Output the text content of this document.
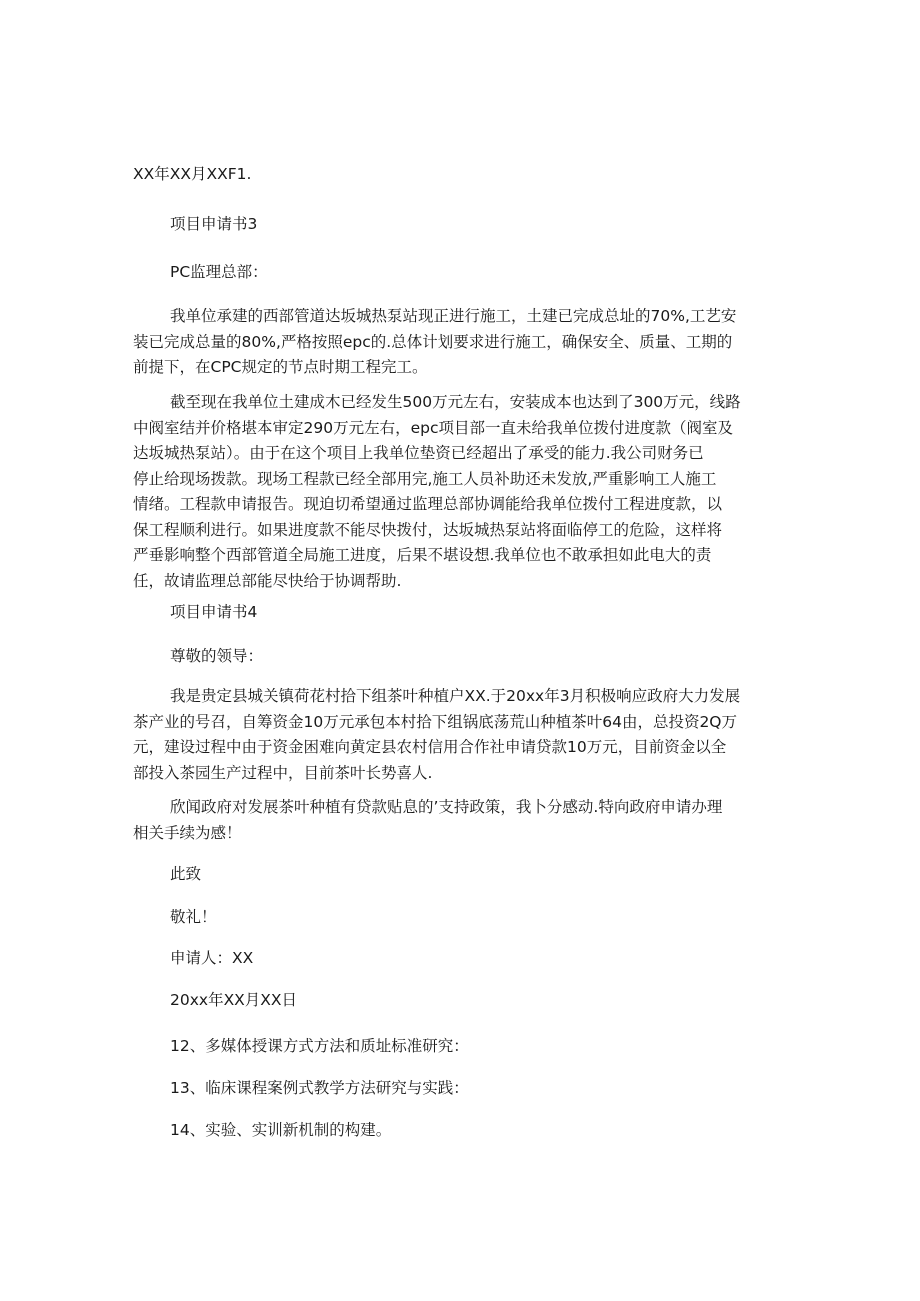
XX年XX月XXF1.
项目申请书3
PC监理总部：
我单位承建的西部管道达坂城热泵站现正进行施工，土建已完成总址的70%,工艺安
装已完成总量的80%,严格按照epc的.总体计划要求进行施工，确保安全、质量、工期的
前提下，在CPC规定的节点时期工程完工。
截至现在我单位土建成木已经发生500万元左右，安装成本也达到了300万元，线路
中阀室结并价格堪本审定290万元左右，epc项目部一直未给我单位拨付进度款（阀室及
达坂城热泵站）。由于在这个项目上我单位垫资已经超出了承受的能力.我公司财务已
停止给现场拨款。现场工程款已经全部用完,施工人员补助还未发放,严重影响工人施工
情绪。工程款申请报告。现迫切希望通过监理总部协调能给我单位拨付工程进度款，以
保工程顺利进行。如果进度款不能尽快拨付，达坂城热泵站将面临停工的危险，这样将
严垂影响整个西部管道全局施工进度，后果不堪设想.我单位也不敢承担如此电大的责
任，故请监理总部能尽快给于协调帮助.
项目申请书4
尊敬的领导：
我是贵定县城关镇荷花村拾下组茶叶种植户XX.于20xx年3月积极响应政府大力发展
茶产业的号召，自筹资金10万元承包本村拾下组锅底荡荒山种植茶叶64由，总投资2Q万
元，建设过程中由于资金困难向黄定县农村信用合作社申请贷款10万元，目前资金以全
部投入茶园生产过程中，目前茶叶长势喜人.
欣闻政府对发展茶叶种植有贷款贴息的’支持政策，我卜分感动.特向政府申请办理
相关手续为感！
此致
敬礼！
申请人：XX
20xx年XX月XX日
12、多媒体授课方式方法和质址标准研究：
13、临床课程案例式教学方法研究与实践：
14、实验、实训新机制的构建。
